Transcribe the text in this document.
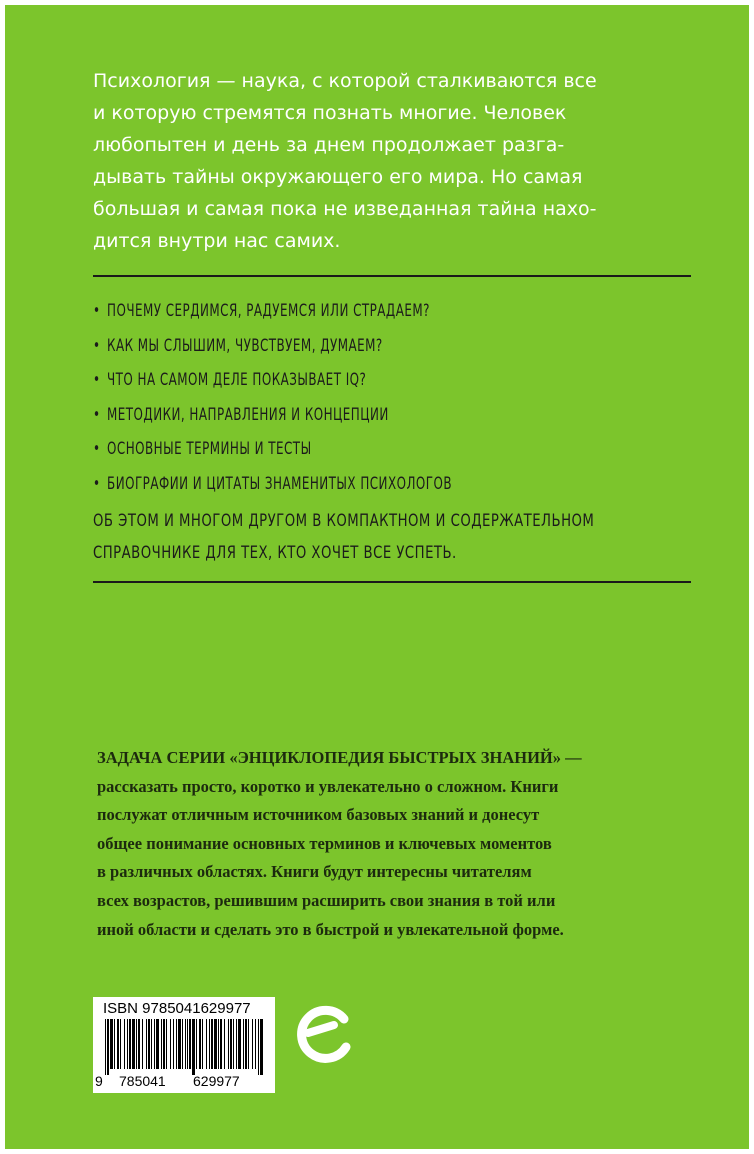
Психология — наука, с которой сталкиваются все
и которую стремятся познать многие. Человек
любопытен и день за днем продолжает разга-
дывать тайны окружающего его мира. Но самая
большая и самая пока не изведанная тайна нахо-
дится внутри нас самих.
• ПОЧЕМУ СЕРДИМСЯ, РАДУЕМСЯ ИЛИ СТРАДАЕМ?
• КАК МЫ СЛЫШИМ, ЧУВСТВУЕМ, ДУМАЕМ?
• ЧТО НА САМОМ ДЕЛЕ ПОКАЗЫВАЕТ IQ?
• МЕТОДИКИ, НАПРАВЛЕНИЯ И КОНЦЕПЦИИ
• ОСНОВНЫЕ ТЕРМИНЫ И ТЕСТЫ
• БИОГРАФИИ И ЦИТАТЫ ЗНАМЕНИТЫХ ПСИХОЛОГОВ
ОБ ЭТОМ И МНОГОМ ДРУГОМ В КОМПАКТНОМ И СОДЕРЖАТЕЛЬНОМ
СПРАВОЧНИКЕ ДЛЯ ТЕХ, КТО ХОЧЕТ ВСЕ УСПЕТЬ.
ЗАДАЧА СЕРИИ «ЭНЦИКЛОПЕДИЯ БЫСТРЫХ ЗНАНИЙ» —
рассказать просто, коротко и увлекательно о сложном. Книги
послужат отличным источником базовых знаний и донесут
общее понимание основных терминов и ключевых моментов
в различных областях. Книги будут интересны читателям
всех возрастов, решившим расширить свои знания в той или
иной области и сделать это в быстрой и увлекательной форме.
ISBN 9785041629977
9 785041 629977
